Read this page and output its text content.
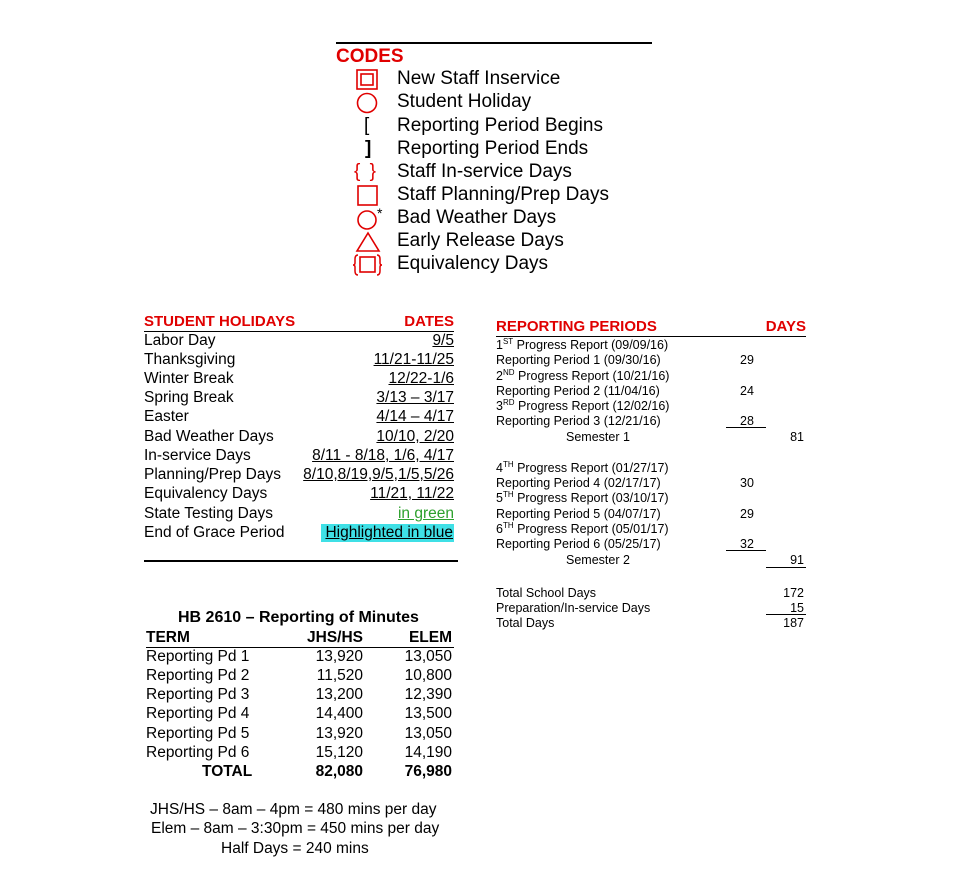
CODES
New Staff Inservice
Student Holiday
[ Reporting Period Begins
] Reporting Period Ends
{ } Staff In-service Days
Staff Planning/Prep Days
* Bad Weather Days
Early Release Days
Equivalency Days
STUDENT HOLIDAYS	DATES
Labor Day	9/5
Thanksgiving	11/21-11/25
Winter Break	12/22-1/6
Spring Break	3/13 – 3/17
Easter	4/14 – 4/17
Bad Weather Days	10/10, 2/20
In-service Days	8/11 - 8/18, 1/6, 4/17
Planning/Prep Days 8/10,8/19,9/5,1/5,5/26
Equivalency Days	11/21, 11/22
State Testing Days	in green
End of Grace Period	Highlighted in blue
REPORTING PERIODS	DAYS
1ST Progress Report (09/09/16)
Reporting Period 1 (09/30/16)	29
2ND Progress Report (10/21/16)
Reporting Period 2 (11/04/16)	24
3RD Progress Report (12/02/16)
Reporting Period 3 (12/21/16)	28
Semester 1	81
4TH Progress Report (01/27/17)
Reporting Period 4 (02/17/17)	30
5TH Progress Report (03/10/17)
Reporting Period 5 (04/07/17)	29
6TH Progress Report (05/01/17)
Reporting Period 6 (05/25/17)	32
Semester 2	91
Total School Days	172
Preparation/In-service Days	15
Total Days	187
HB 2610 – Reporting of Minutes
TERM	JHS/HS	ELEM
Reporting Pd 1	13,920	13,050
Reporting Pd 2	11,520	10,800
Reporting Pd 3	13,200	12,390
Reporting Pd 4	14,400	13,500
Reporting Pd 5	13,920	13,050
Reporting Pd 6	15,120	14,190
TOTAL	82,080	76,980
JHS/HS – 8am – 4pm = 480 mins per day
Elem – 8am – 3:30pm = 450 mins per day
Half Days = 240 mins
